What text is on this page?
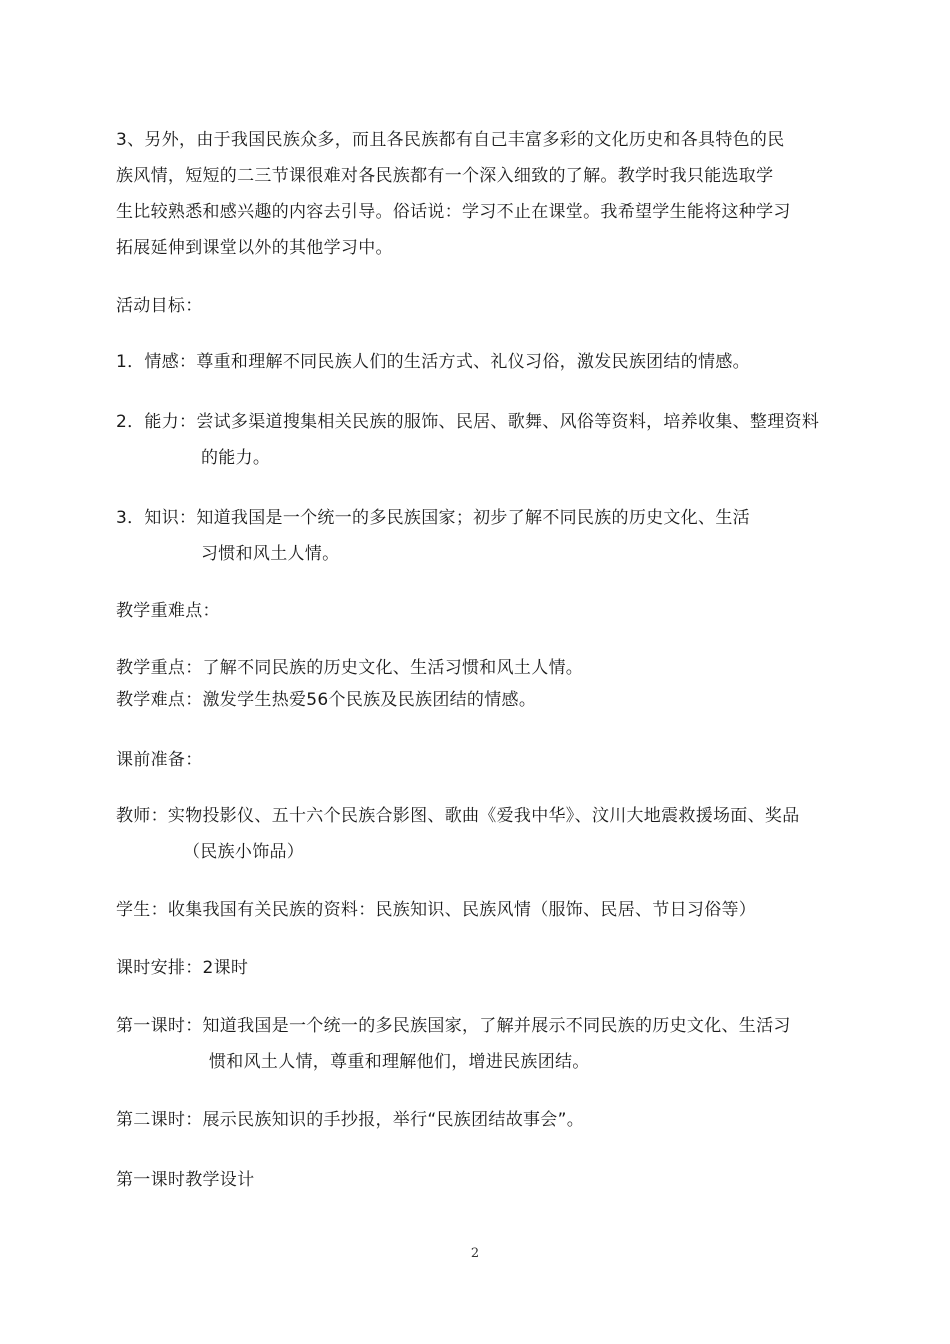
3、另外，由于我国民族众多，而且各民族都有自己丰富多彩的文化历史和各具特色的民
族风情，短短的二三节课很难对各民族都有一个深入细致的了解。教学时我只能选取学
生比较熟悉和感兴趣的内容去引导。俗话说：学习不止在课堂。我希望学生能将这种学习
拓展延伸到课堂以外的其他学习中。
活动目标：
1．情感：尊重和理解不同民族人们的生活方式、礼仪习俗，激发民族团结的情感。
2．能力：尝试多渠道搜集相关民族的服饰、民居、歌舞、风俗等资料，培养收集、整理资料
的能力。
3．知识：知道我国是一个统一的多民族国家；初步了解不同民族的历史文化、生活
习惯和风土人情。
教学重难点：
教学重点：了解不同民族的历史文化、生活习惯和风土人情。
教学难点：激发学生热爱56个民族及民族团结的情感。
课前准备：
教师：实物投影仪、五十六个民族合影图、歌曲《爱我中华》、汶川大地震救援场面、奖品
（民族小饰品）
学生：收集我国有关民族的资料：民族知识、民族风情（服饰、民居、节日习俗等）
课时安排：2课时
第一课时：知道我国是一个统一的多民族国家，了解并展示不同民族的历史文化、生活习
惯和风土人情，尊重和理解他们，增进民族团结。
第二课时：展示民族知识的手抄报，举行“民族团结故事会”。
第一课时教学设计
2
